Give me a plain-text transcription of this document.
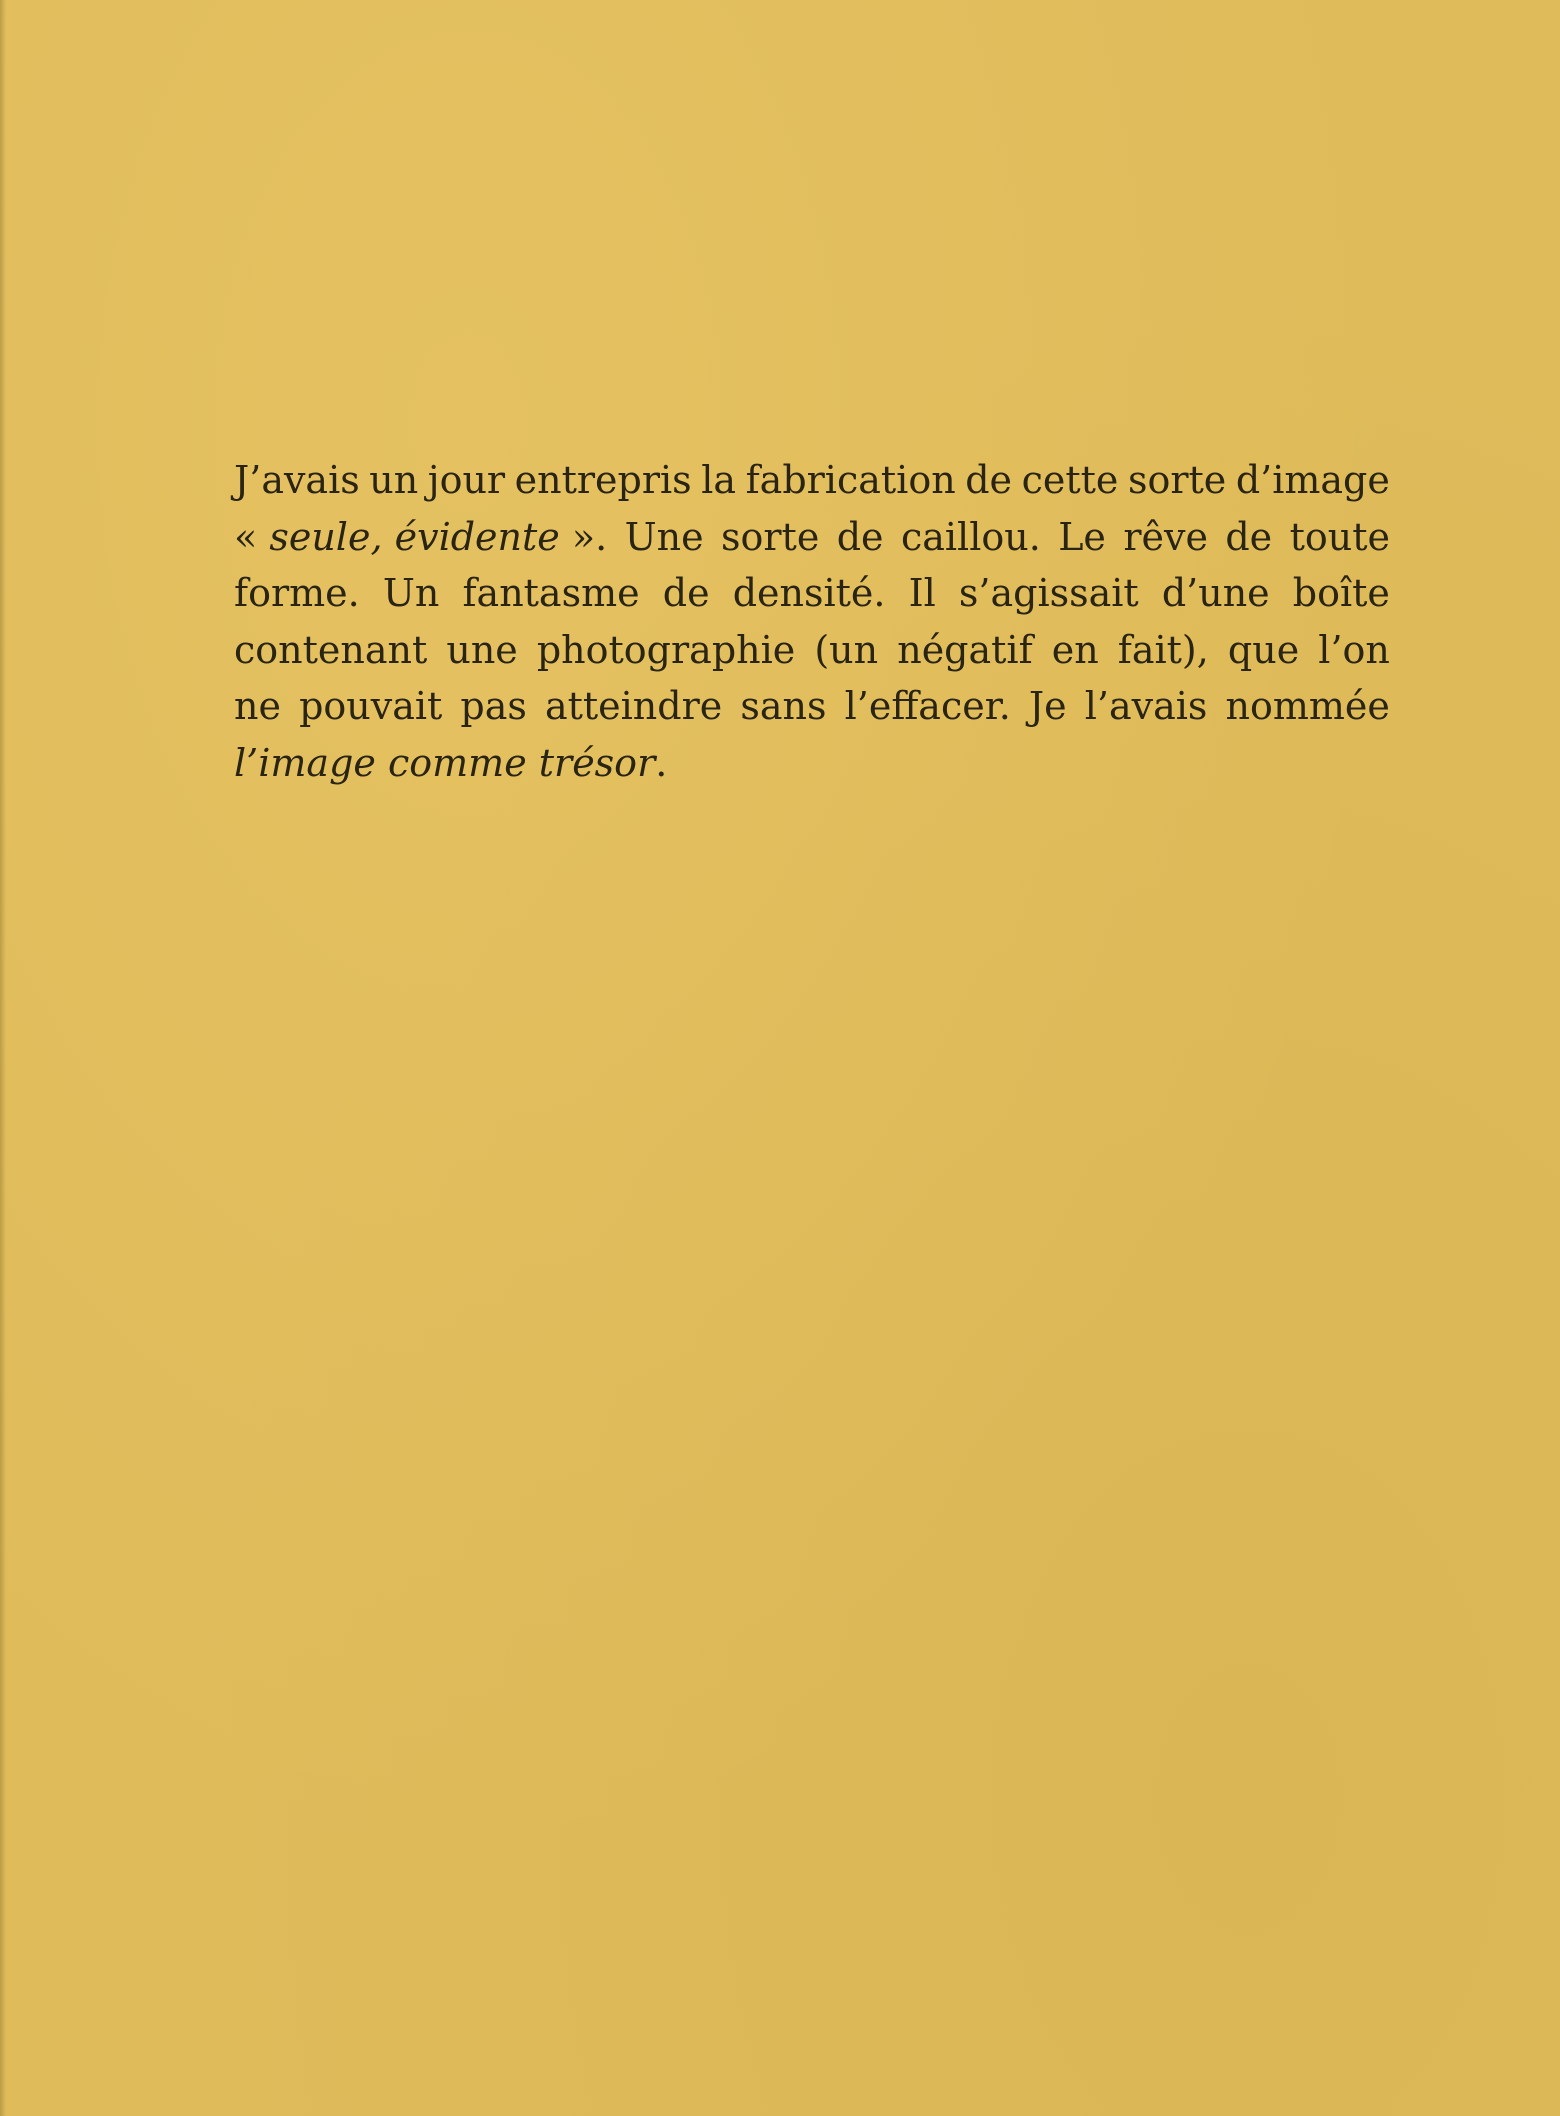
J’avais un jour entrepris la fabrication de cette sorte d’image
« seule, évidente ». Une sorte de caillou. Le rêve de toute
forme. Un fantasme de densité. Il s’agissait d’une boîte
contenant une photographie (un négatif en fait), que l’on
ne pouvait pas atteindre sans l’effacer. Je l’avais nommée
l’image comme trésor.
